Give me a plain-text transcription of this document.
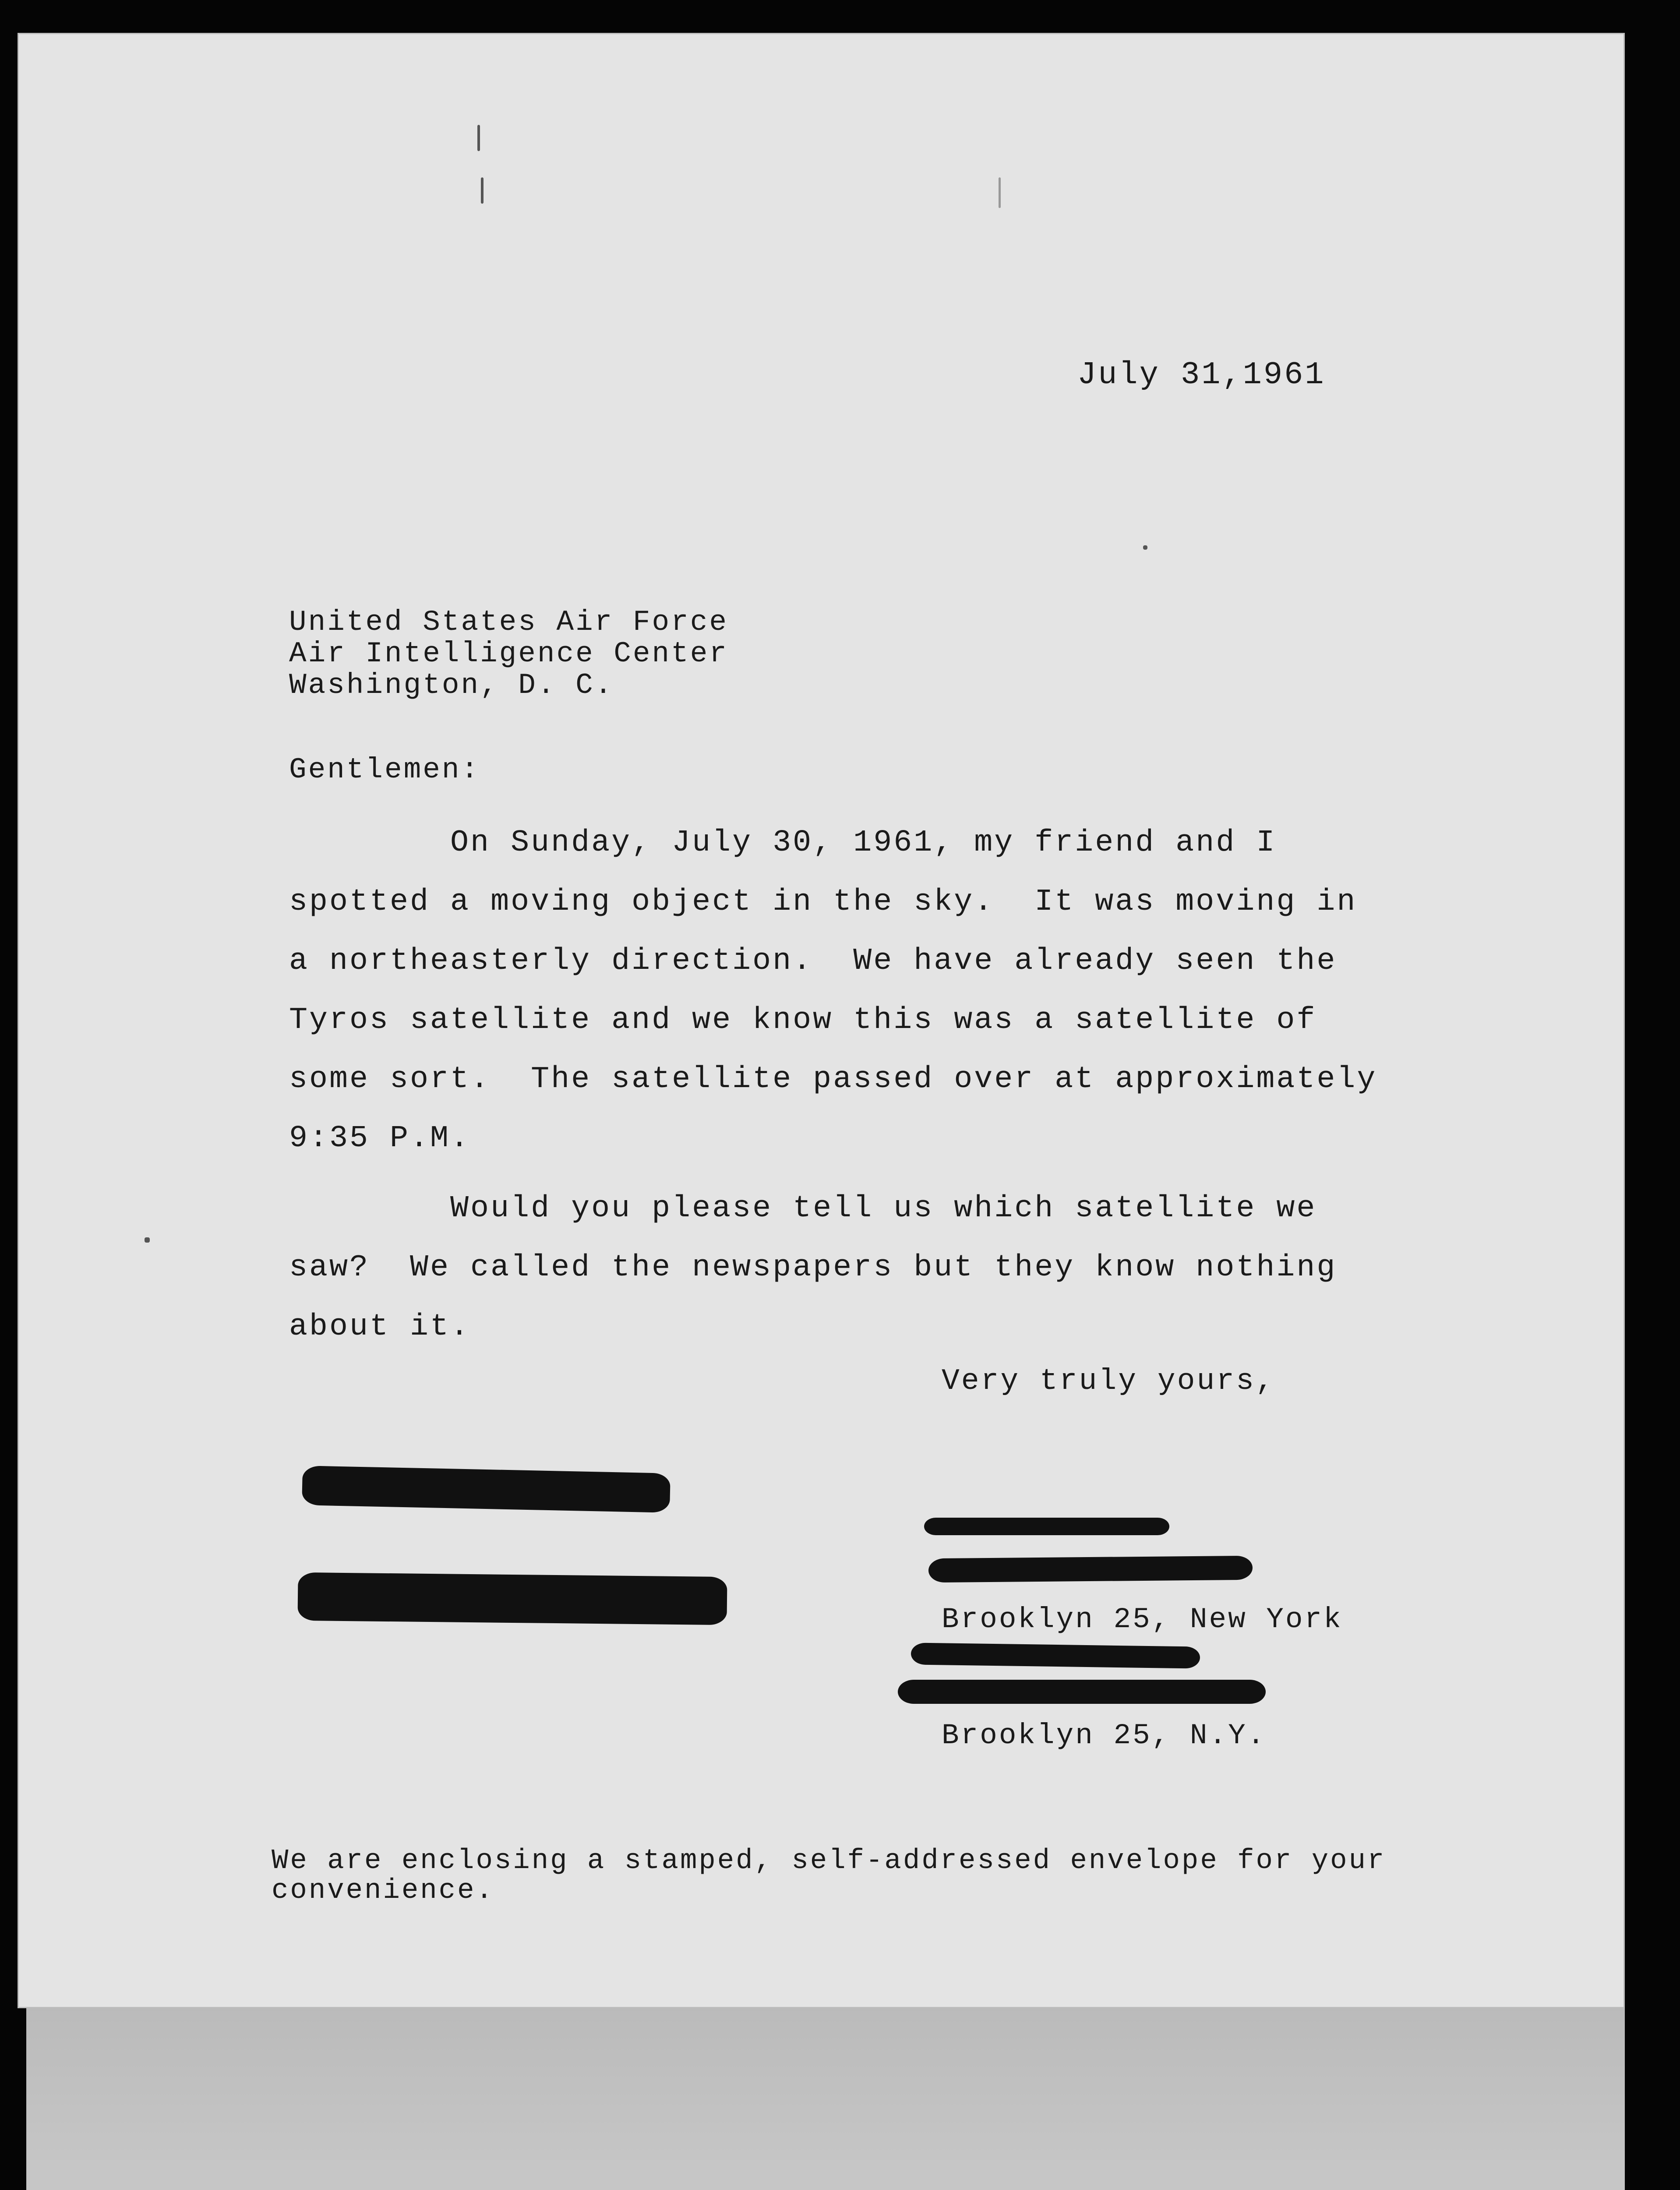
July 31,1961
United States Air Force
Air Intelligence Center
Washington, D. C.
Gentlemen:
On Sunday, July 30, 1961, my friend and I
spotted a moving object in the sky.  It was moving in
a northeasterly direction.  We have already seen the
Tyros satellite and we know this was a satellite of
some sort.  The satellite passed over at approximately
9:35 P.M.
Would you please tell us which satellite we
saw?  We called the newspapers but they know nothing
about it.
Very truly yours,
Brooklyn 25, New York
Brooklyn 25, N.Y.
We are enclosing a stamped, self-addressed envelope for your
convenience.
